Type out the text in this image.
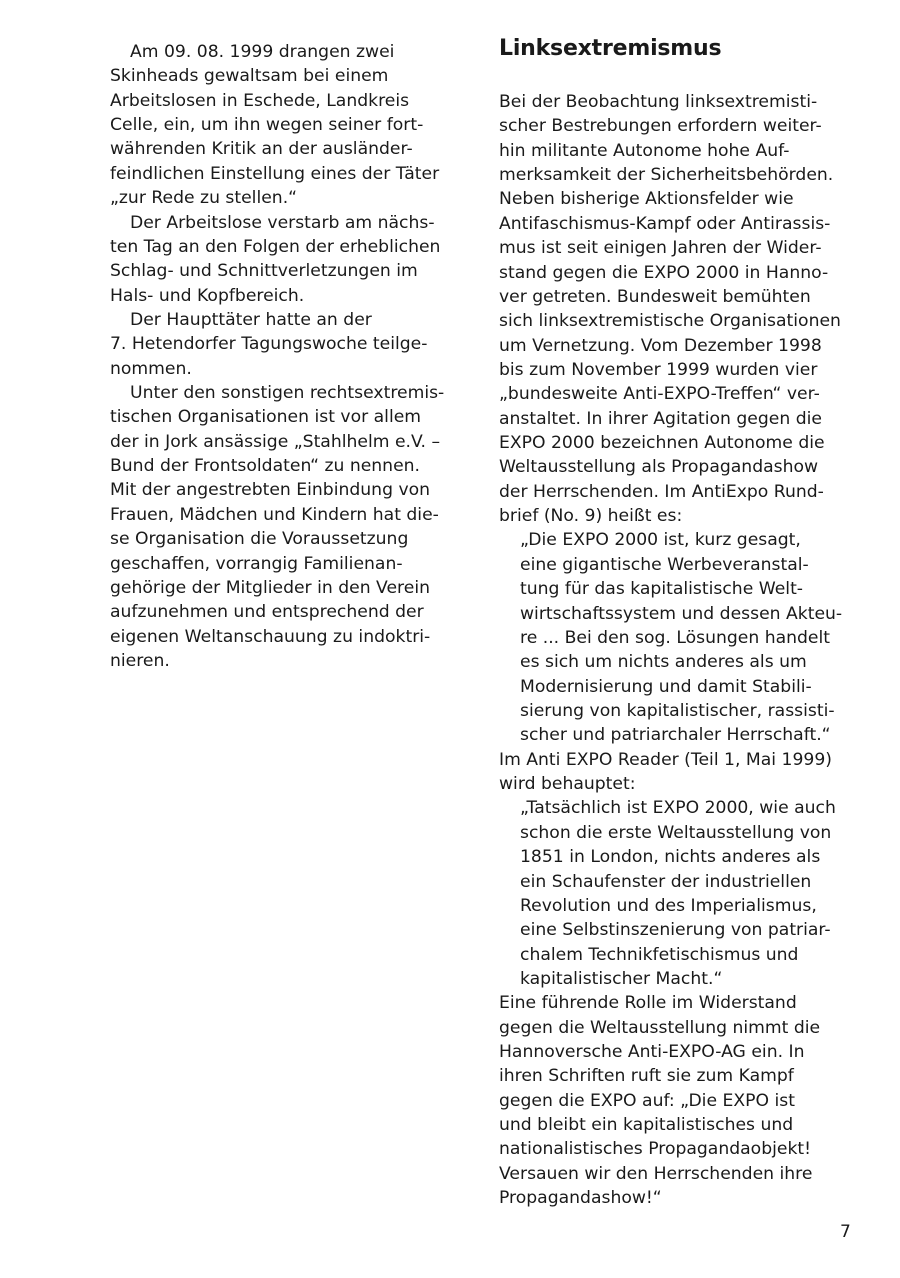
Am 09. 08. 1999 drangen zwei
Skinheads gewaltsam bei einem
Arbeitslosen in Eschede, Landkreis
Celle, ein, um ihn wegen seiner fort-
währenden Kritik an der ausländer-
feindlichen Einstellung eines der Täter
„zur Rede zu stellen.“
Der Arbeitslose verstarb am nächs-
ten Tag an den Folgen der erheblichen
Schlag- und Schnittverletzungen im
Hals- und Kopfbereich.
Der Haupttäter hatte an der
7. Hetendorfer Tagungswoche teilge-
nommen.
Unter den sonstigen rechtsextremis-
tischen Organisationen ist vor allem
der in Jork ansässige „Stahlhelm e.V. –
Bund der Frontsoldaten“ zu nennen.
Mit der angestrebten Einbindung von
Frauen, Mädchen und Kindern hat die-
se Organisation die Voraussetzung
geschaffen, vorrangig Familienan-
gehörige der Mitglieder in den Verein
aufzunehmen und entsprechend der
eigenen Weltanschauung zu indoktri-
nieren.
Linksextremismus
Bei der Beobachtung linksextremisti-
scher Bestrebungen erfordern weiter-
hin militante Autonome hohe Auf-
merksamkeit der Sicherheitsbehörden.
Neben bisherige Aktionsfelder wie
Antifaschismus-Kampf oder Antirassis-
mus ist seit einigen Jahren der Wider-
stand gegen die EXPO 2000 in Hanno-
ver getreten. Bundesweit bemühten
sich linksextremistische Organisationen
um Vernetzung. Vom Dezember 1998
bis zum November 1999 wurden vier
„bundesweite Anti-EXPO-Treffen“ ver-
anstaltet. In ihrer Agitation gegen die
EXPO 2000 bezeichnen Autonome die
Weltausstellung als Propagandashow
der Herrschenden. Im AntiExpo Rund-
brief (No. 9) heißt es:
„Die EXPO 2000 ist, kurz gesagt,
eine gigantische Werbeveranstal-
tung für das kapitalistische Welt-
wirtschaftssystem und dessen Akteu-
re ... Bei den sog. Lösungen handelt
es sich um nichts anderes als um
Modernisierung und damit Stabili-
sierung von kapitalistischer, rassisti-
scher und patriarchaler Herrschaft.“
Im Anti EXPO Reader (Teil 1, Mai 1999)
wird behauptet:
„Tatsächlich ist EXPO 2000, wie auch
schon die erste Weltausstellung von
1851 in London, nichts anderes als
ein Schaufenster der industriellen
Revolution und des Imperialismus,
eine Selbstinszenierung von patriar-
chalem Technikfetischismus und
kapitalistischer Macht.“
Eine führende Rolle im Widerstand
gegen die Weltausstellung nimmt die
Hannoversche Anti-EXPO-AG ein. In
ihren Schriften ruft sie zum Kampf
gegen die EXPO auf: „Die EXPO ist
und bleibt ein kapitalistisches und
nationalistisches Propagandaobjekt!
Versauen wir den Herrschenden ihre
Propagandashow!“
7
